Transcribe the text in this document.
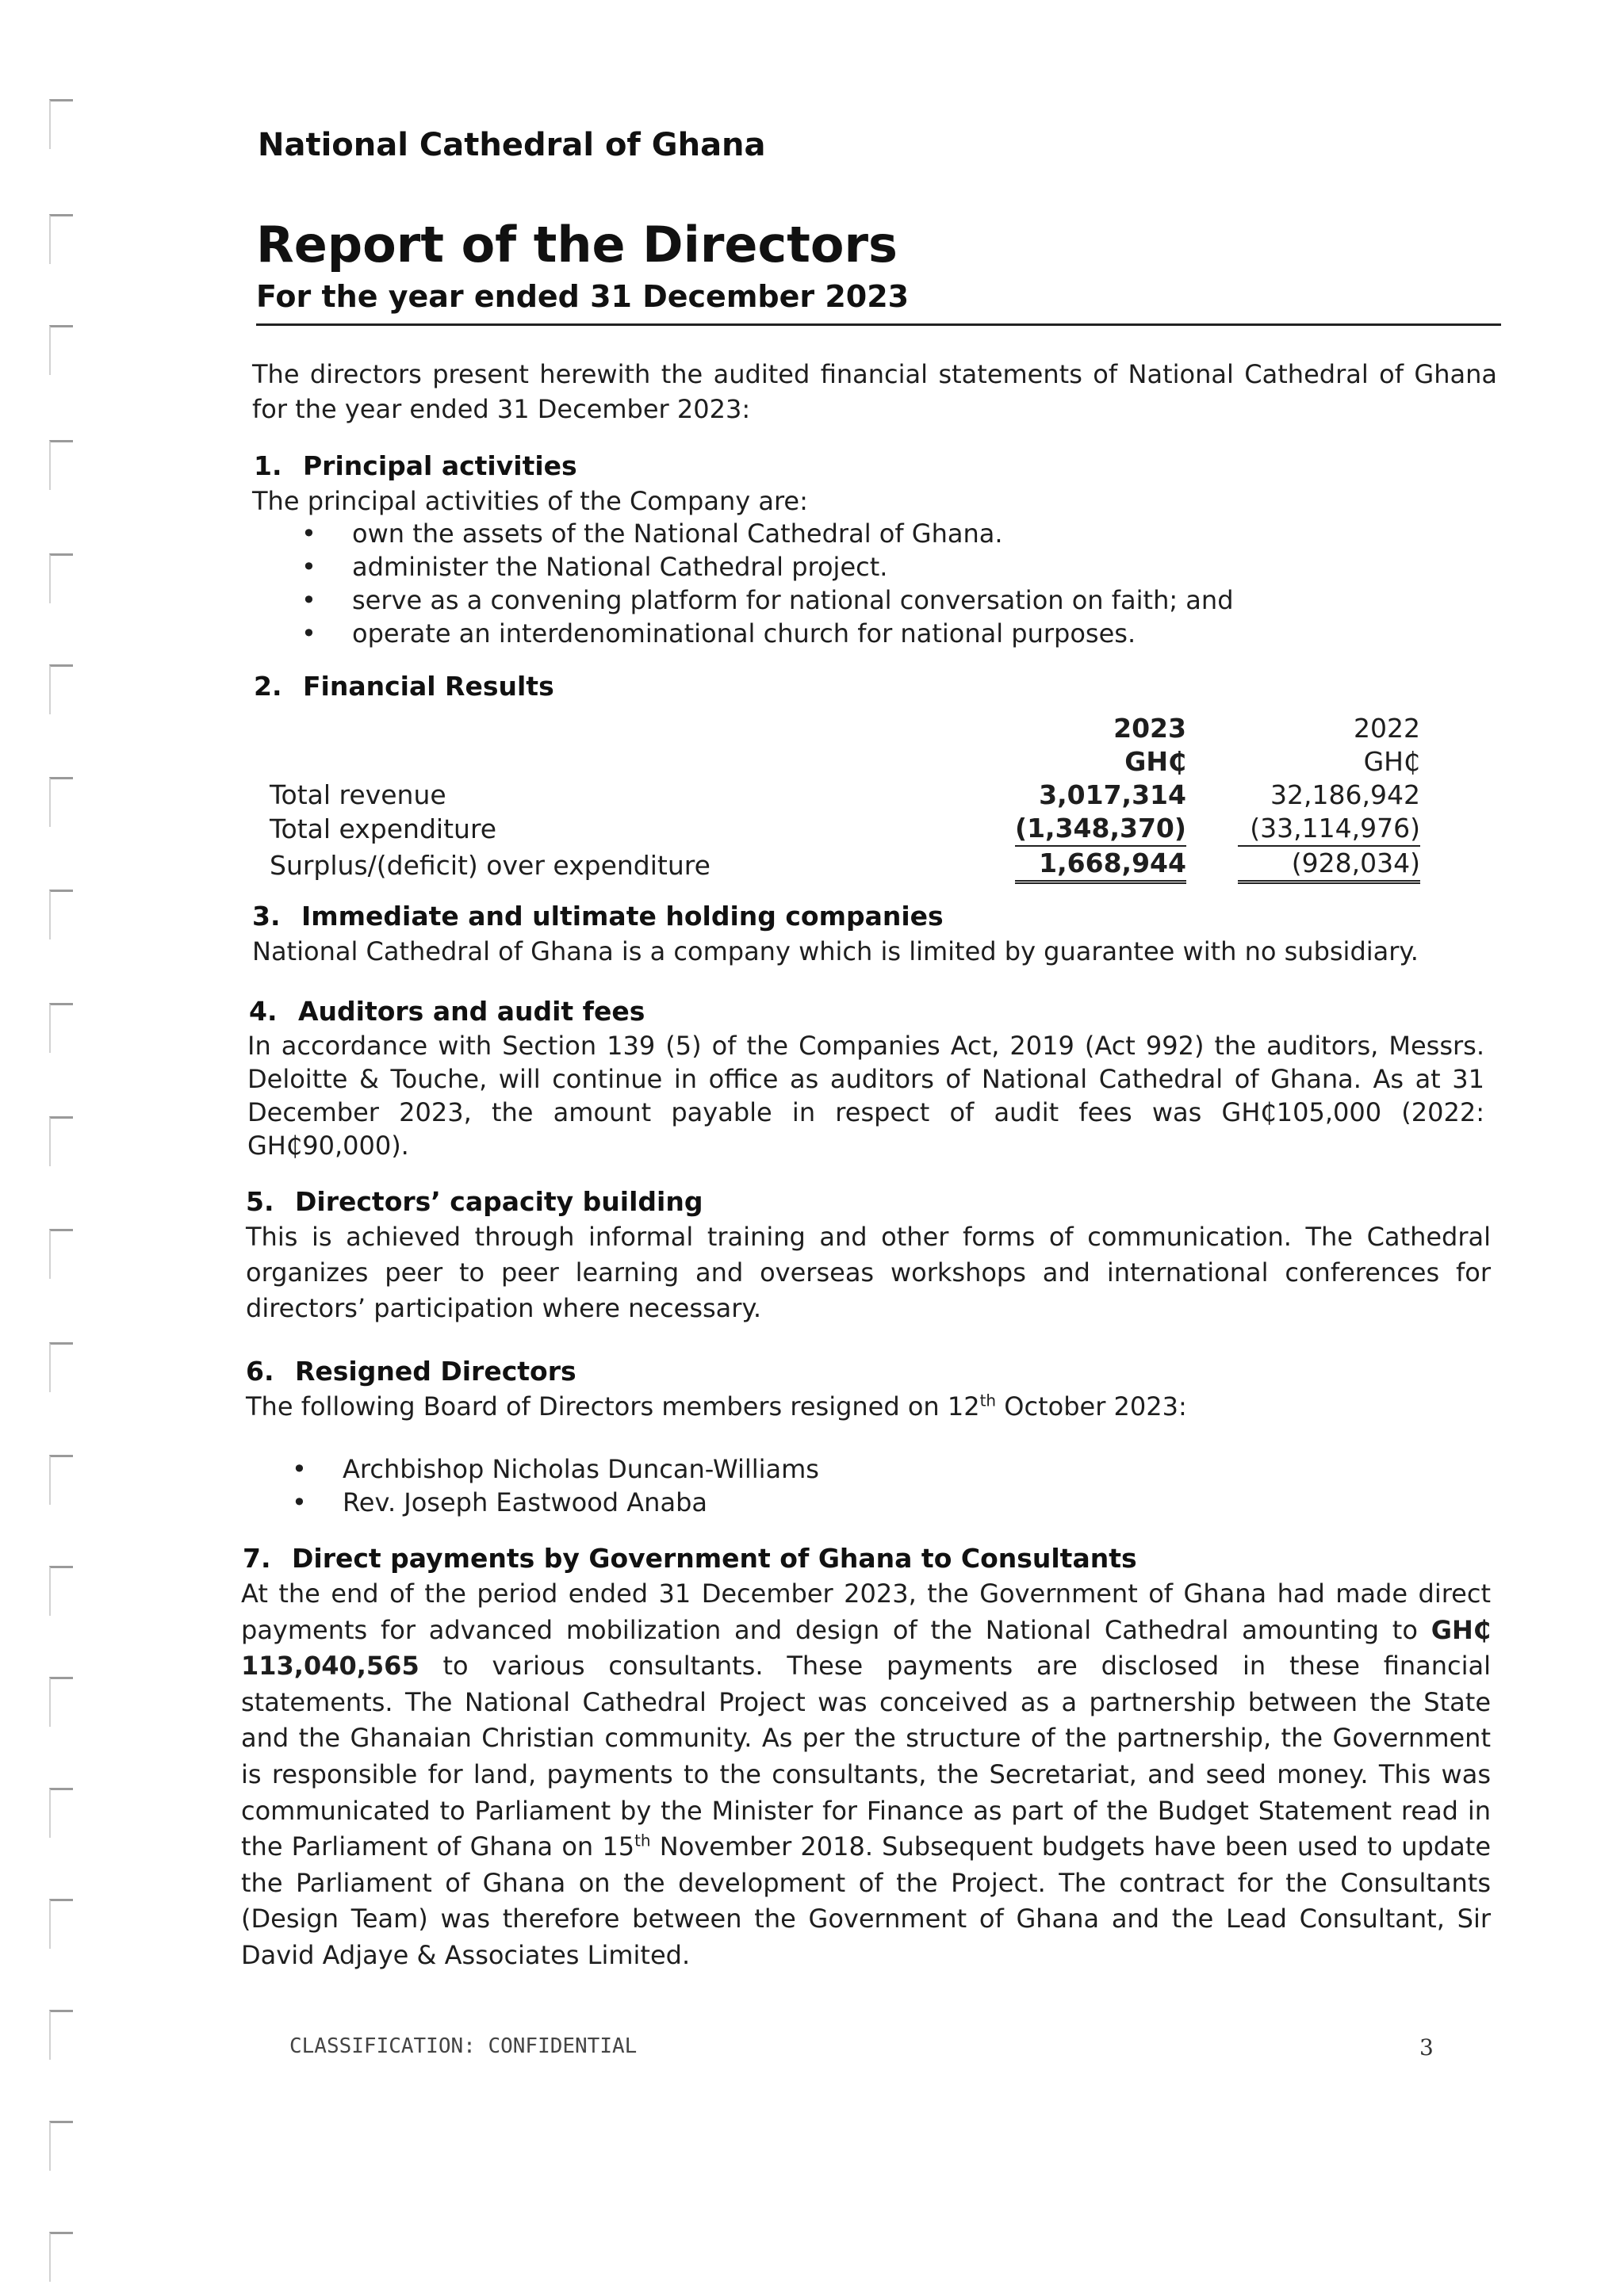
National Cathedral of Ghana
Report of the Directors
For the year ended 31 December 2023
The directors present herewith the audited financial statements of National Cathedral of Ghana for the year ended 31 December 2023:
1. Principal activities
The principal activities of the Company are:
• own the assets of the National Cathedral of Ghana.
• administer the National Cathedral project.
• serve as a convening platform for national conversation on faith; and
• operate an interdenominational church for national purposes.
2. Financial Results
	2023		2022
	GH₵		GH₵
Total revenue	3,017,314		32,186,942
Total expenditure	(1,348,370)		(33,114,976)
Surplus/(deficit) over expenditure	1,668,944		(928,034)
3. Immediate and ultimate holding companies
National Cathedral of Ghana is a company which is limited by guarantee with no subsidiary.
4. Auditors and audit fees
In accordance with Section 139 (5) of the Companies Act, 2019 (Act 992) the auditors, Messrs. Deloitte & Touche, will continue in office as auditors of National Cathedral of Ghana. As at 31 December 2023, the amount payable in respect of audit fees was GH₵105,000 (2022: GH₵90,000).
5. Directors’ capacity building
This is achieved through informal training and other forms of communication. The Cathedral organizes peer to peer learning and overseas workshops and international conferences for directors’ participation where necessary.
6. Resigned Directors
The following Board of Directors members resigned on 12th October 2023:
• Archbishop Nicholas Duncan-Williams
• Rev. Joseph Eastwood Anaba
7. Direct payments by Government of Ghana to Consultants
At the end of the period ended 31 December 2023, the Government of Ghana had made direct payments for advanced mobilization and design of the National Cathedral amounting to GH₵ 113,040,565 to various consultants. These payments are disclosed in these financial statements. The National Cathedral Project was conceived as a partnership between the State and the Ghanaian Christian community. As per the structure of the partnership, the Government is responsible for land, payments to the consultants, the Secretariat, and seed money. This was communicated to Parliament by the Minister for Finance as part of the Budget Statement read in the Parliament of Ghana on 15th November 2018. Subsequent budgets have been used to update the Parliament of Ghana on the development of the Project. The contract for the Consultants (Design Team) was therefore between the Government of Ghana and the Lead Consultant, Sir David Adjaye & Associates Limited.
CLASSIFICATION: CONFIDENTIAL	3
